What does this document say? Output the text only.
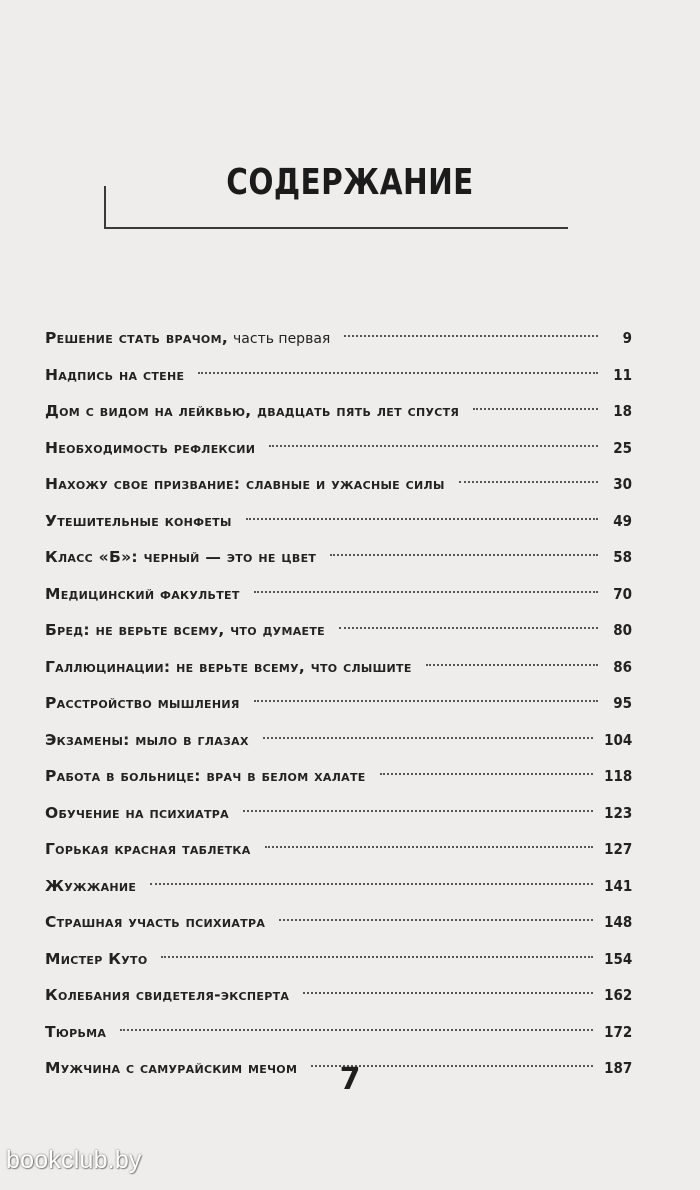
СОДЕРЖАНИЕ
Решение стать врачом, часть первая	9
Надпись на стене	11
Дом с видом на лейквью, двадцать пять лет спустя	18
Необходимость рефлексии	25
Нахожу свое призвание: славные и ужасные силы	30
Утешительные конфеты	49
Класс «Б»: черный — это не цвет	58
Медицинский факультет	70
Бред: не верьте всему, что думаете	80
Галлюцинации: не верьте всему, что слышите	86
Расстройство мышления	95
Экзамены: мыло в глазах	104
Работа в больнице: врач в белом халате	118
Обучение на психиатра	123
Горькая красная таблетка	127
Жужжание	141
Страшная участь психиатра	148
Мистер Куто	154
Колебания свидетеля-эксперта	162
Тюрьма	172
Мужчина с самурайским мечом	187
7
bookclub.by
